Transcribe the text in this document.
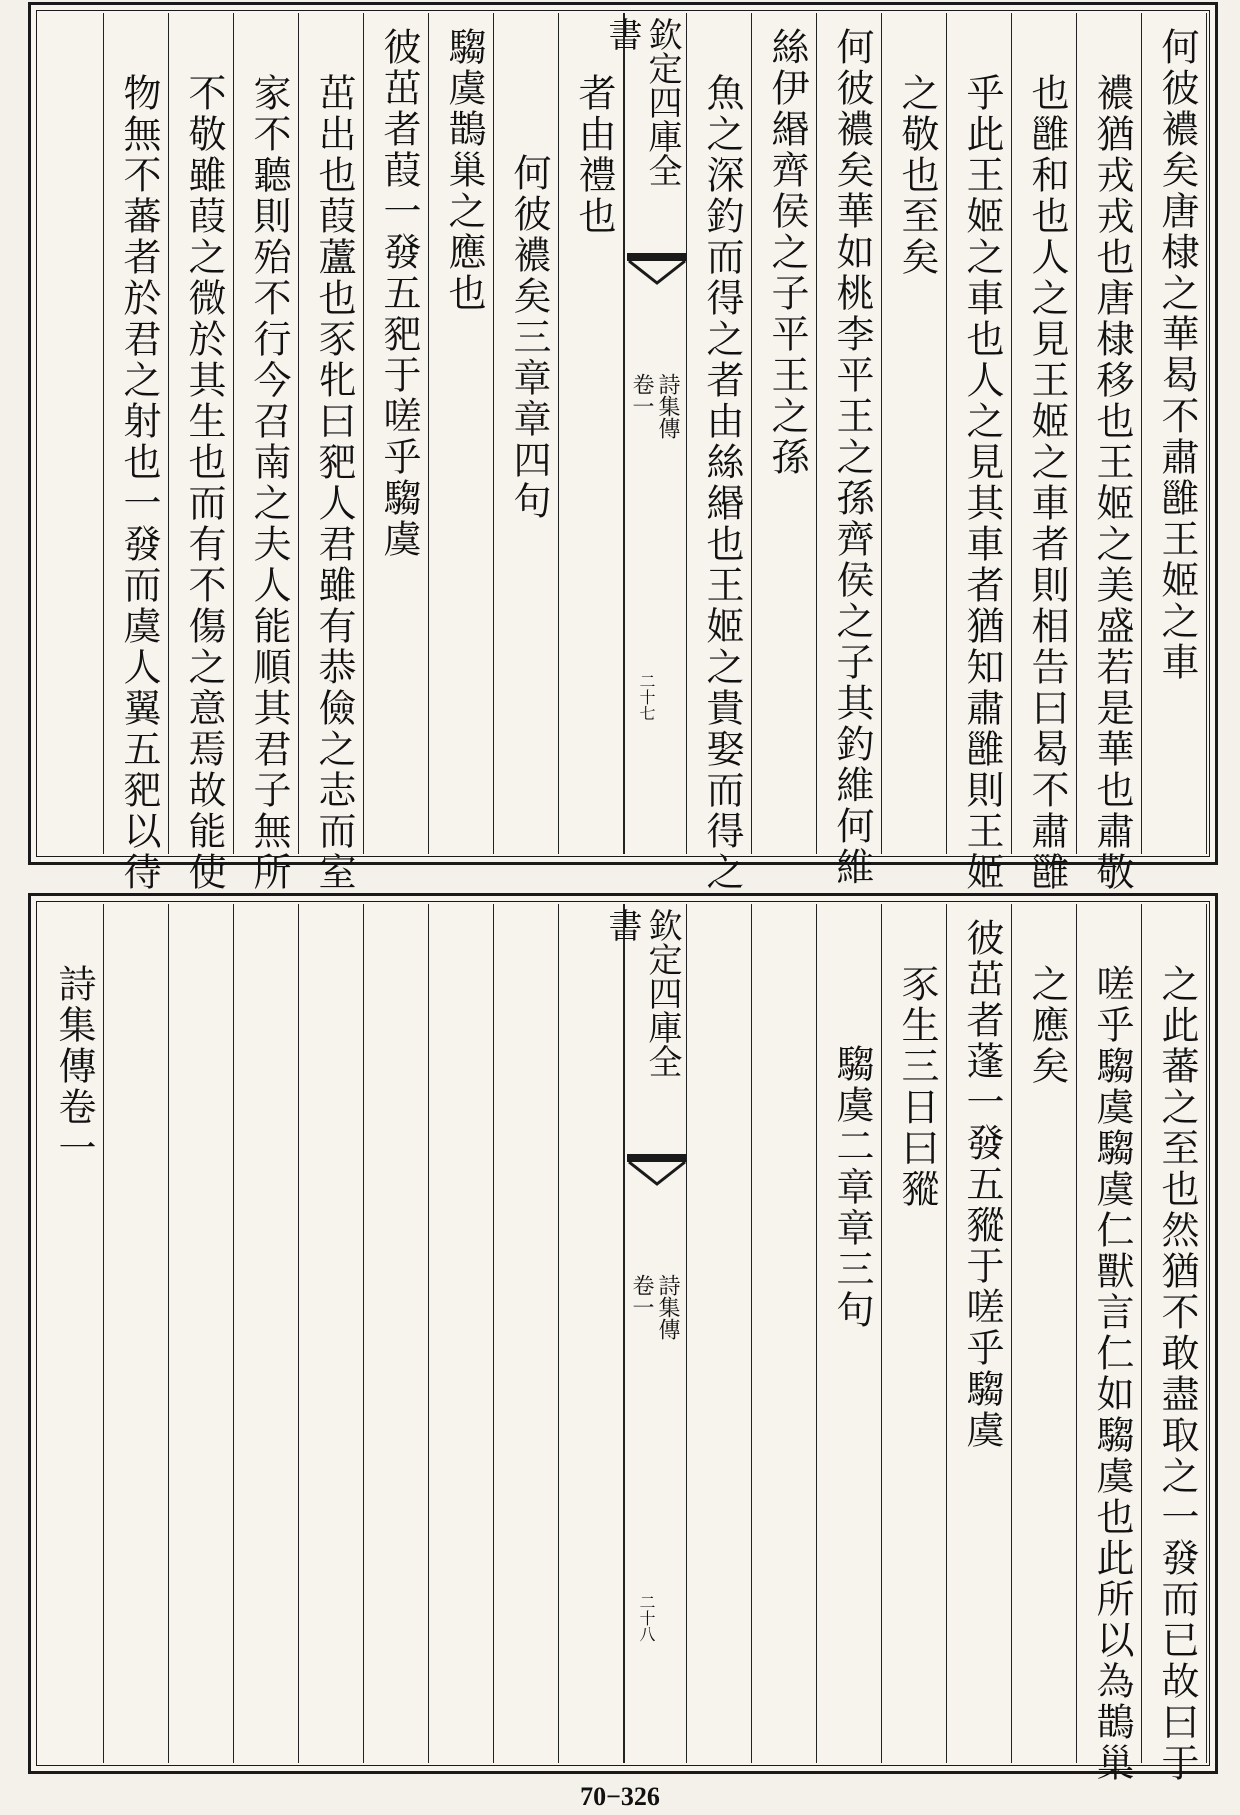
何彼襛矣唐棣之華曷不肅雝王姬之車
襛猶戎戎也唐棣移也王姬之美盛若是華也肅敬
也雝和也人之見王姬之車者則相告曰曷不肅雝
乎此王姬之車也人之見其車者猶知肅雝則王姬
之敬也至矣
何彼襛矣華如桃李平王之孫齊侯之子其釣維何維
絲伊緡齊侯之子平王之孫
魚之深釣而得之者由絲緡也王姬之貴娶而得之
欽定四庫全書
詩集傳
卷一
二十七
者由禮也
何彼襛矣三章章四句
騶虞鵲巢之應也
彼茁者葭一發五豝于嗟乎騶虞
茁出也葭蘆也豕牝曰豝人君雖有恭儉之志而室
家不聽則殆不行今召南之夫人能順其君子無所
不敬雖葭之微於其生也而有不傷之意焉故能使
物無不蕃者於君之射也一發而虞人翼五豝以待
之此蕃之至也然猶不敢盡取之一發而已故曰于
嗟乎騶虞騶虞仁獸言仁如騶虞也此所以為鵲巢
之應矣
彼茁者蓬一發五豵于嗟乎騶虞
豕生三日曰豵
騶虞二章章三句
欽定四庫全書
詩集傳
卷一
二十八
詩集傳卷一
70−326
